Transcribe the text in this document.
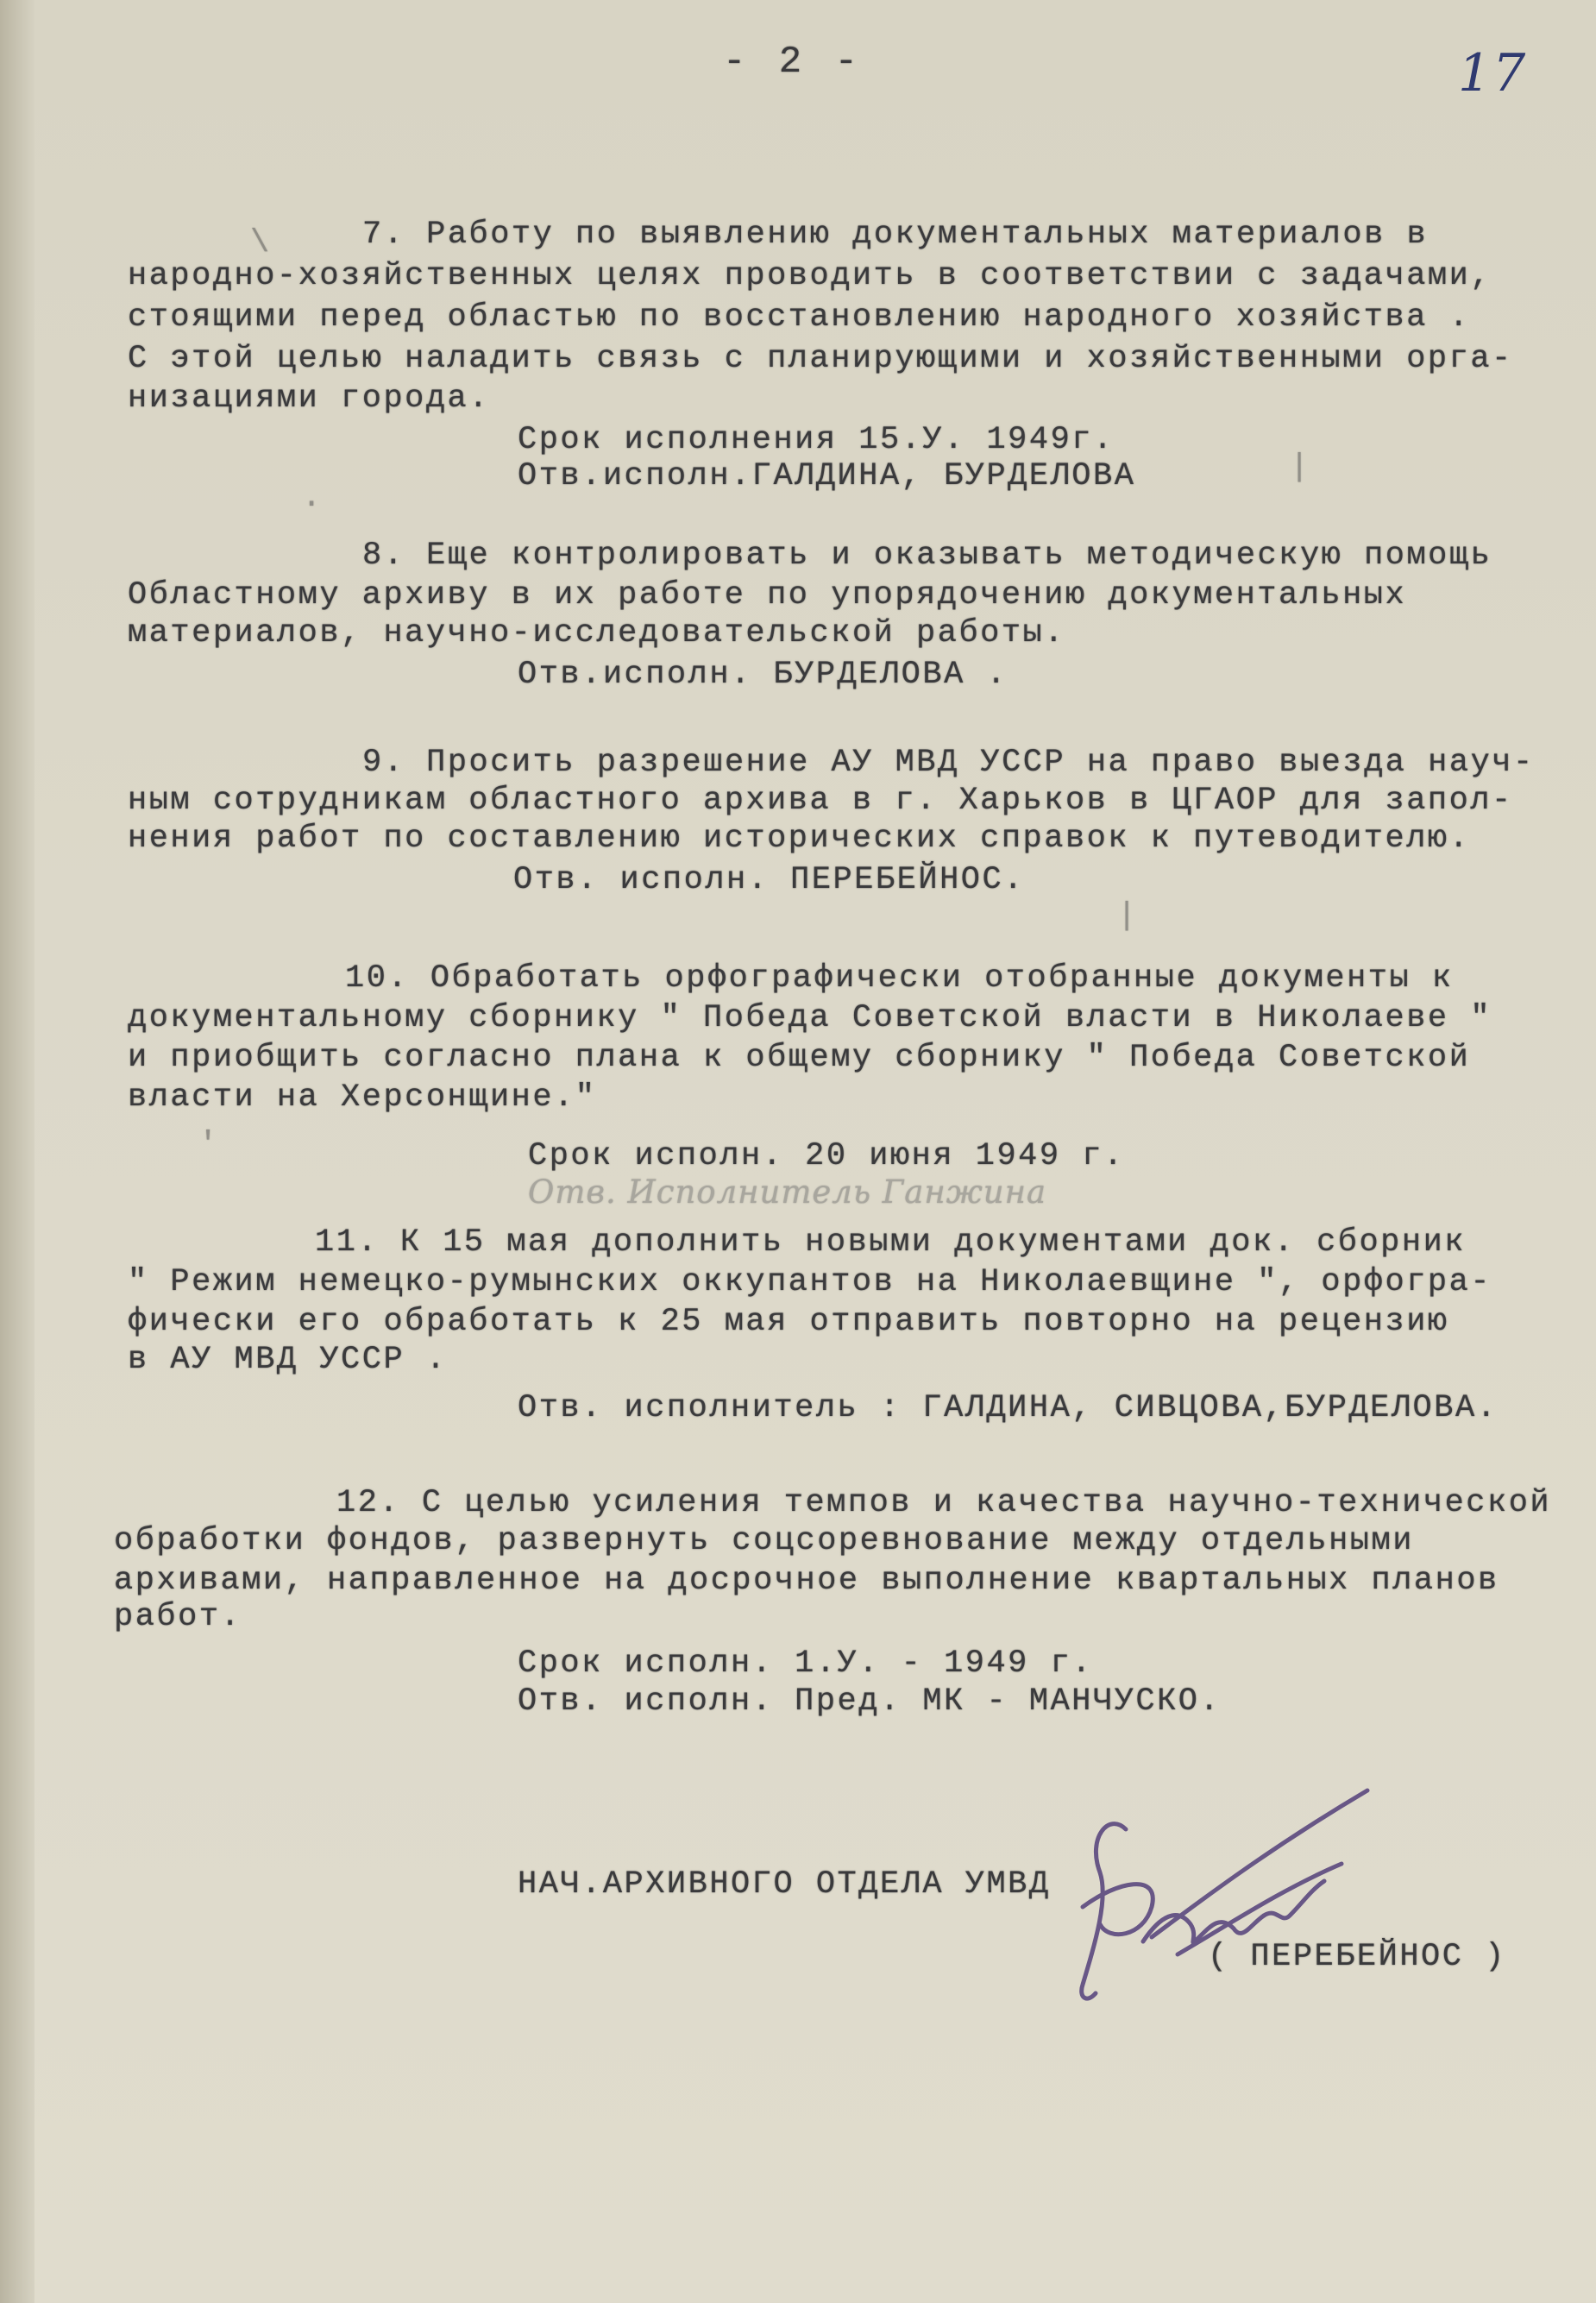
- 2 -	17
7. Работу по выявлению документальных материалов в
народно-хозяйственных целях проводить в соответствии с задачами,
стоящими перед областью по восстановлению народного хозяйства .
С этой целью наладить связь с планирующими и хозяйственными орга-
низациями города.
Срок исполнения 15.У. 1949г.
Отв.исполн.ГАЛДИНА, БУРДЕЛОВА
8. Еще контролировать и оказывать методическую помощь
Областному архиву в их работе по упорядочению документальных
материалов, научно-исследовательской работы.
Отв.исполн. БУРДЕЛОВА .
9. Просить разрешение АУ МВД УССР на право выезда науч-
ным сотрудникам областного архива в г. Харьков в ЦГАОР для запол-
нения работ по составлению исторических справок к путеводителю.
Отв. исполн. ПЕРЕБЕЙНОС.
10. Обработать орфографически отобранные документы к
документальному сборнику " Победа Советской власти в Николаеве "
и приобщить согласно плана к общему сборнику " Победа Советской
власти на Херсонщине."
Срок исполн. 20 июня 1949 г.
Отв. Исполнитель Ганжина
11. К 15 мая дополнить новыми документами док. сборник
" Режим немецко-румынских оккупантов на Николаевщине ", орфогра-
фически его обработать к 25 мая отправить повторно на рецензию
в АУ МВД УССР .
Отв. исполнитель : ГАЛДИНА, СИВЦОВА,БУРДЕЛОВА.
12. С целью усиления темпов и качества научно-технической
обработки фондов, развернуть соцсоревнование между отдельными
архивами, направленное на досрочное выполнение квартальных планов
работ.
Срок исполн. 1.У. - 1949 г.
Отв. исполн. Пред. МК - МАНЧУСКО.
НАЧ.АРХИВНОГО ОТДЕЛА УМВД
( ПЕРЕБЕЙНОС )
\
.
|
|
'
